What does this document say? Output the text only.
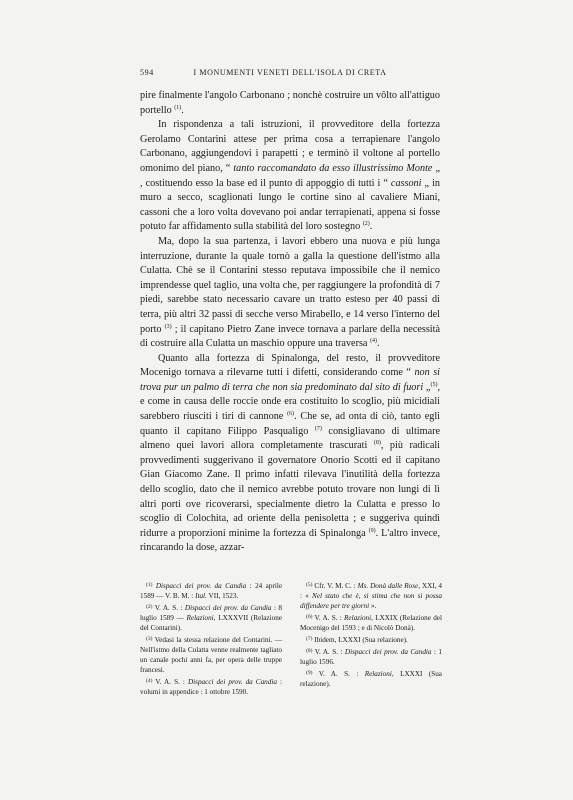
594	I MONUMENTI VENETI DELL'ISOLA DI CRETA

pire finalmente l'angolo Carbonano ; nonchè costruire un vôlto all'attiguo portello $^{(1)}$.

In rispondenza a tali istruzioni, il provveditore della fortezza Gerolamo Contarini attese per prima cosa a terrapienare l'angolo Carbonano, aggiungendovi i parapetti ; e terminò il voltone al portello omonimo del piano, “ tanto raccomandato da esso illustrissimo Monte „ , costituendo esso la base ed il punto di appoggio di tutti i “ cassoni „ in muro a secco, scaglionati lungo le cortine sino al cavaliere Miani, cassoni che a loro volta dovevano poi andar terrapienati, appena si fosse potuto far affidamento sulla stabilità del loro sostegno $^{(2)}$.

Ma, dopo la sua partenza, i lavori ebbero una nuova e più lunga interruzione, durante la quale tornò a galla la questione dell'istmo alla Culatta. Chè se il Contarini stesso reputava impossibile che il nemico imprendesse quel taglio, una volta che, per raggiungere la profondità di 7 piedi, sarebbe stato necessario cavare un tratto esteso per 40 passi di terra, più altri 32 passi di secche verso Mirabello, e 14 verso l'interno del porto $^{(3)}$ ; il capitano Pietro Zane invece tornava a parlare della necessità di costruire alla Culatta un maschio oppure una traversa $^{(4)}$.

Quanto alla fortezza di Spinalonga, del resto, il provveditore Mocenigo tornava a rilevarne tutti i difetti, considerando come “ non si trova pur un palmo di terra che non sia predominato dal sito di fuori „$^{(5)}$, e come in causa delle roccie onde era costituito lo scoglio, più micidiali sarebbero riusciti i tiri di cannone $^{(6)}$. Che se, ad onta di ciò, tanto egli quanto il capitano Filippo Pasqualigo $^{(7)}$ consigliavano di ultimare almeno quei lavori allora completamente trascurati $^{(8)}$, più radicali provvedimenti suggerivano il governatore Onorio Scotti ed il capitano Gian Giacomo Zane. Il primo infatti rilevava l'inutilità della fortezza dello scoglio, dato che il nemico avrebbe potuto trovare non lungi di lì altri porti ove ricoverarsi, specialmente dietro la Culatta e presso lo scoglio di Colochita, ad oriente della penisoletta ; e suggeriva quindi ridurre a proporzioni minime la fortezza di Spinalonga $^{(9)}$. L'altro invece, rincarando la dose, azzar-

$^{(1)}$ Dispacci dei prov. da Candia : 24 aprile 1589 — V. B. M. : Ital. VII, 1523.

$^{(2)}$ V. A. S. : Dispacci dei prov. da Candia : 8 luglio 1589 — Relazioni, LXXXVII (Relazione del Contarini).

$^{(3)}$ Vedasi la stessa relazione del Contarini. — Nell'istmo della Culatta venne realmente tagliato un canale pochi anni fa, per opera delle truppe francesi.

$^{(4)}$ V. A. S. : Dispacci dei prov. da Candia : volumi in appendice : 1 ottobre 1590.

$^{(5)}$ Cfr. V. M. C. : Ms. Donà dalle Rose, XXI, 4 : « Nel stato che è, si stima che non si possa diffendere per tre giorni ».

$^{(6)}$ V. A. S. : Relazioni, LXXIX (Relazione del Mocenigo del 1593 ; e di Nicolò Donà).

$^{(7)}$ Ibidem, LXXXI (Sua relazione).

$^{(8)}$ V. A. S. : Dispacci dei prov. da Candia : 1 luglio 1596.

$^{(9)}$ V. A. S. : Relazioni, LXXXI (Sua relazione).
